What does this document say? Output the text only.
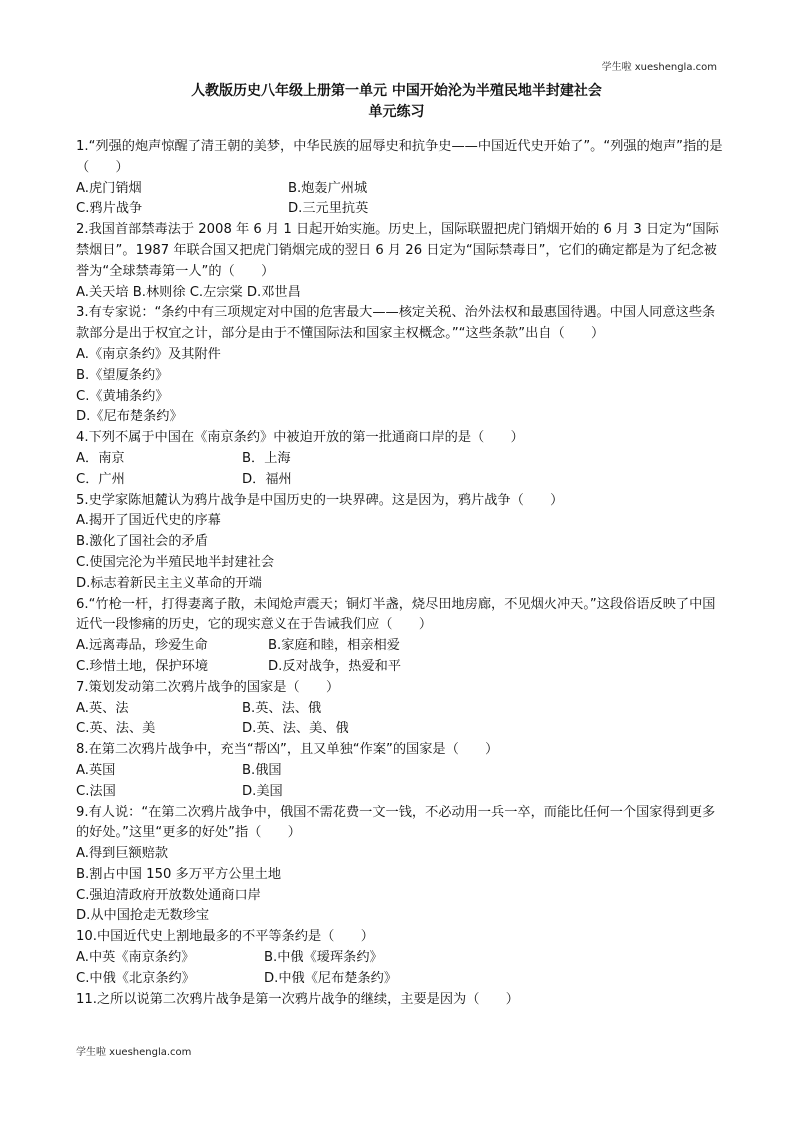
学生啦 xueshengla.com
人教版历史八年级上册第一单元 中国开始沦为半殖民地半封建社会
单元练习
1.“列强的炮声惊醒了清王朝的美梦，中华民族的屈辱史和抗争史——中国近代史开始了”。“列强的炮声”指的是（　　）
A.虎门销烟	B.炮轰广州城
C.鸦片战争	D.三元里抗英
2.我国首部禁毒法于 2008 年 6 月 1 日起开始实施。历史上，国际联盟把虎门销烟开始的 6 月 3 日定为“国际禁烟日”。1987 年联合国又把虎门销烟完成的翌日 6 月 26 日定为“国际禁毒日”，它们的确定都是为了纪念被誉为“全球禁毒第一人”的（　　）
A.关天培 B.林则徐 C.左宗棠 D.邓世昌
3.有专家说：“条约中有三项规定对中国的危害最大——核定关税、治外法权和最惠国待遇。中国人同意这些条款部分是出于权宜之计，部分是由于不懂国际法和国家主权概念。”“这些条款”出自（　　）
A.《南京条约》及其附件
B.《望厦条约》
C.《黄埔条约》
D.《尼布楚条约》
4.下列不属于中国在《南京条约》中被迫开放的第一批通商口岸的是（　　）
A．南京	B．上海
C．广州	D．福州
5.史学家陈旭麓认为鸦片战争是中国历史的一块界碑。这是因为，鸦片战争（　　）
A.揭开了国近代史的序幕
B.激化了国社会的矛盾
C.使国完沦为半殖民地半封建社会
D.标志着新民主主义革命的开端
6.“竹枪一杆，打得妻离子散，未闻炝声震天；铜灯半盏，烧尽田地房廊，不见烟火冲天。”这段俗语反映了中国近代一段惨痛的历史，它的现实意义在于告诫我们应（　　）
A.远离毒品，珍爱生命	B.家庭和睦，相亲相爱
C.珍惜土地，保护环境	D.反对战争，热爱和平
7.策划发动第二次鸦片战争的国家是（　　）
A.英、法	B.英、法、俄
C.英、法、美	D.英、法、美、俄
8.在第二次鸦片战争中，充当“帮凶”，且又单独“作案”的国家是（　　）
A.英国	B.俄国
C.法国	D.美国
9.有人说：“在第二次鸦片战争中，俄国不需花费一文一钱，不必动用一兵一卒，而能比任何一个国家得到更多的好处。”这里“更多的好处”指（　　）
A.得到巨额赔款
B.割占中国 150 多万平方公里土地
C.强迫清政府开放数处通商口岸
D.从中国抢走无数珍宝
10.中国近代史上割地最多的不平等条约是（　　）
A.中英《南京条约》	B.中俄《瑷珲条约》
C.中俄《北京条约》	D.中俄《尼布楚条约》
11.之所以说第二次鸦片战争是第一次鸦片战争的继续，主要是因为（　　）
学生啦 xueshengla.com
